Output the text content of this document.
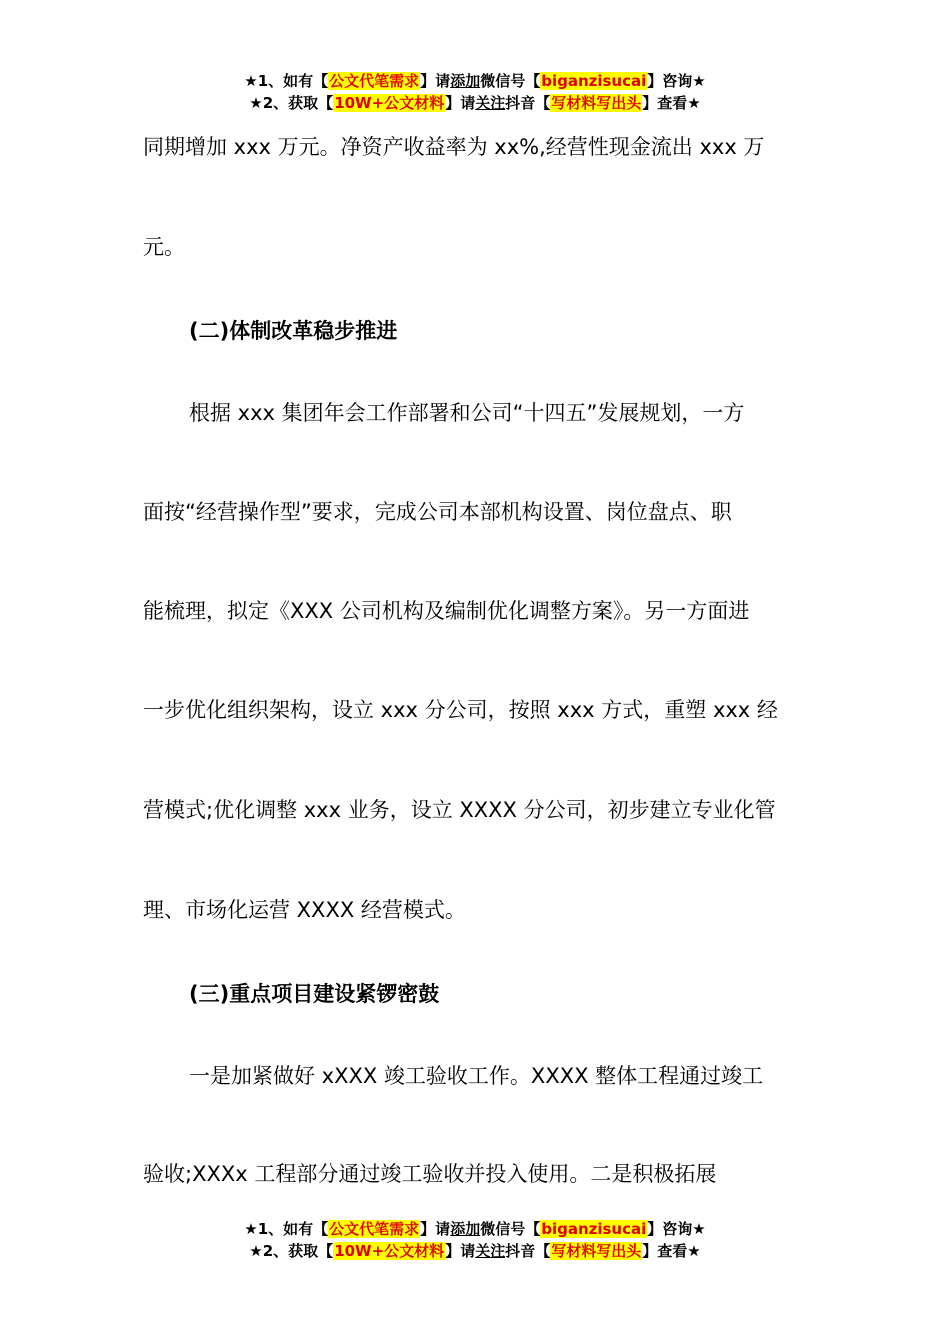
★1、如有【公文代笔需求】请添加微信号【biganzisucai】咨询★
★2、获取【10W+公文材料】请关注抖音【写材料写出头】查看★
同期增加 xxx 万元。净资产收益率为 xx%,经营性现金流出 xxx 万
元。
(二)体制改革稳步推进
根据 xxx 集团年会工作部署和公司“十四五”发展规划，一方
面按“经营操作型”要求，完成公司本部机构设置、岗位盘点、职
能梳理，拟定《XXX 公司机构及编制优化调整方案》。另一方面进
一步优化组织架构，设立 xxx 分公司，按照 xxx 方式，重塑 xxx 经
营模式;优化调整 xxx 业务，设立 XXXX 分公司，初步建立专业化管
理、市场化运营 XXXX 经营模式。
(三)重点项目建设紧锣密鼓
一是加紧做好 xXXX 竣工验收工作。XXXX 整体工程通过竣工
验收;XXXx 工程部分通过竣工验收并投入使用。二是积极拓展
★1、如有【公文代笔需求】请添加微信号【biganzisucai】咨询★
★2、获取【10W+公文材料】请关注抖音【写材料写出头】查看★
